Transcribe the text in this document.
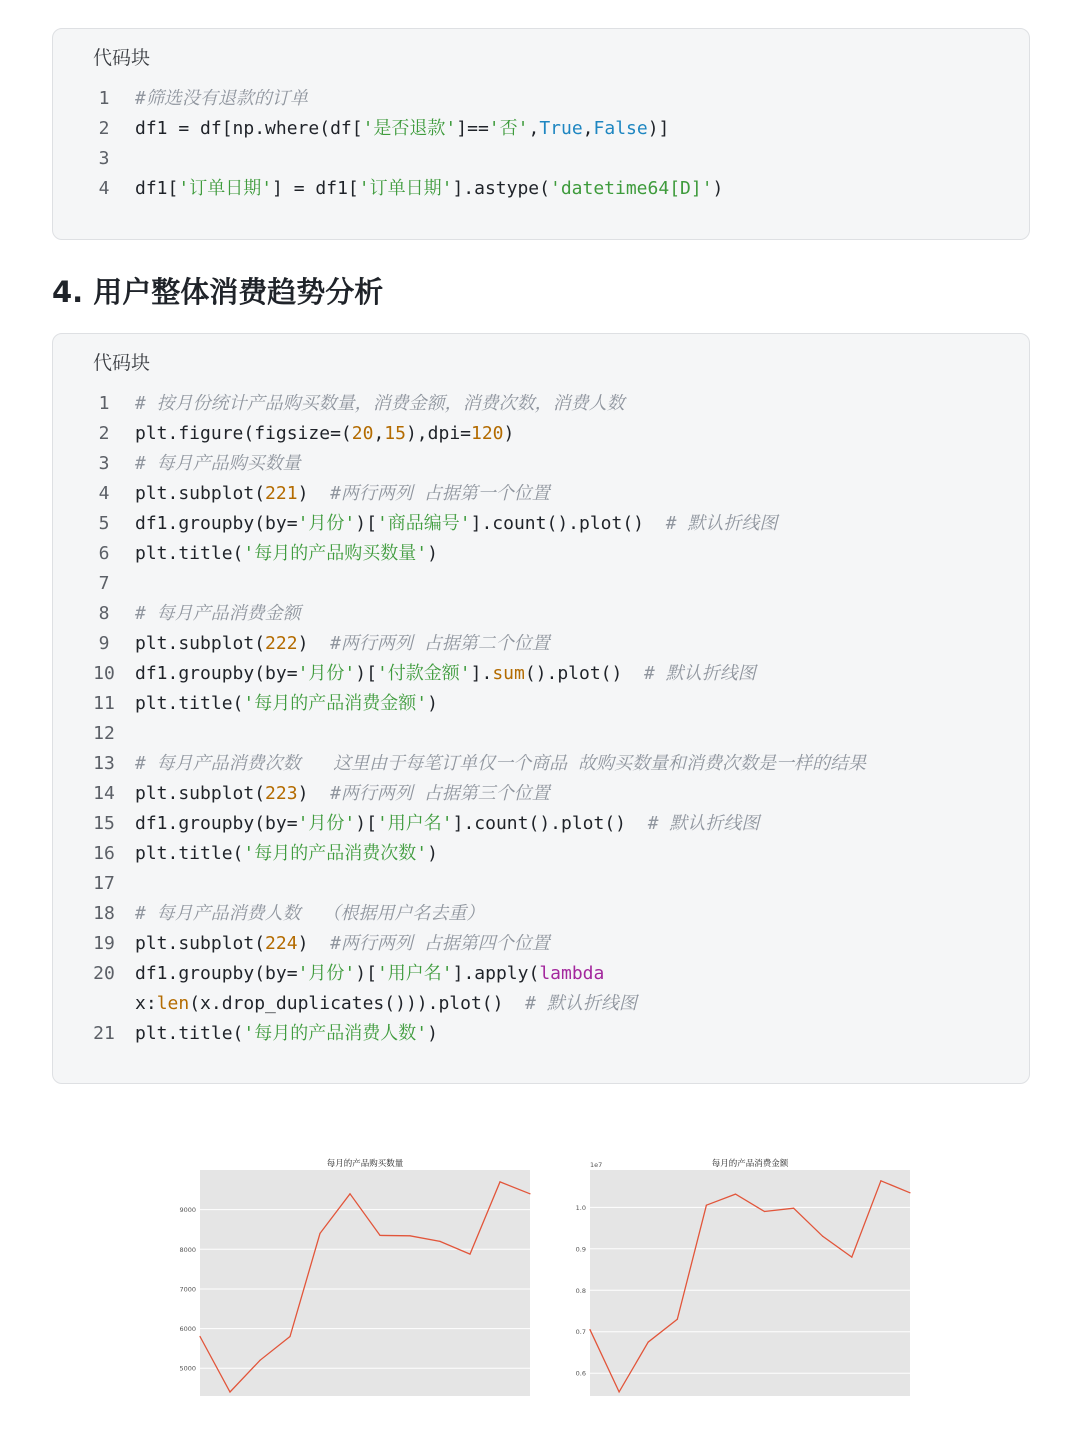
代码块
1	#筛选没有退款的订单
2	df1 = df[np.where(df['是否退款']=='否',True,False)]
3
4	df1['订单日期'] = df1['订单日期'].astype('datetime64[D]')
4. 用户整体消费趋势分析
代码块
1	# 按月份统计产品购买数量，消费金额，消费次数，消费人数
2	plt.figure(figsize=(20,15),dpi=120)
3	# 每月产品购买数量
4	plt.subplot(221)  #两行两列 占据第一个位置
5	df1.groupby(by='月份')['商品编号'].count().plot()  # 默认折线图
6	plt.title('每月的产品购买数量')
7
8	# 每月产品消费金额
9	plt.subplot(222)  #两行两列 占据第二个位置
10	df1.groupby(by='月份')['付款金额'].sum().plot()  # 默认折线图
11	plt.title('每月的产品消费金额')
12
13	# 每月产品消费次数   这里由于每笔订单仅一个商品 故购买数量和消费次数是一样的结果
14	plt.subplot(223)  #两行两列 占据第三个位置
15	df1.groupby(by='月份')['用户名'].count().plot()  # 默认折线图
16	plt.title('每月的产品消费次数')
17
18	# 每月产品消费人数  （根据用户名去重）
19	plt.subplot(224)  #两行两列 占据第四个位置
20	df1.groupby(by='月份')['用户名'].apply(lambda
x:len(x.drop_duplicates())).plot()  # 默认折线图
21	plt.title('每月的产品消费人数')
5000
6000
7000
8000
9000
每月的产品购买数量
0.6
0.7
0.8
0.9
1.0
1e7	每月的产品消费金额
